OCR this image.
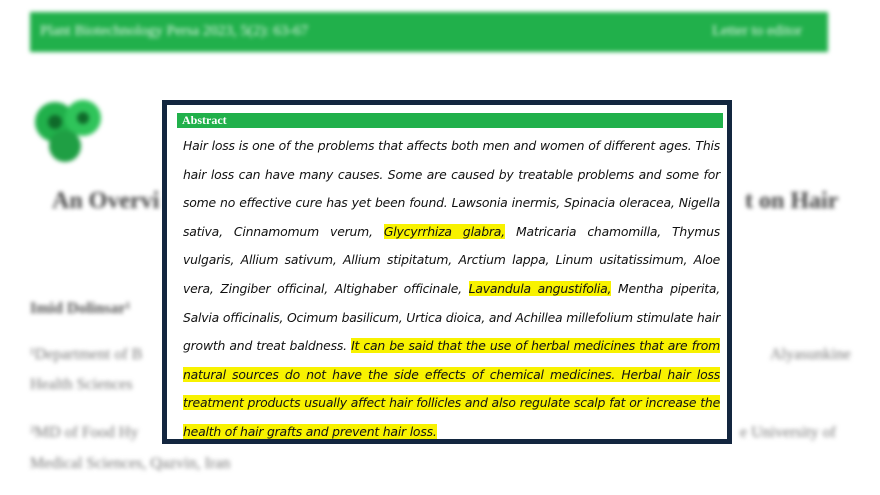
Plant Biotechnology Persa 2023, 5(2): 63-67	Letter to editor
An Overvi	t on Hair
Imid Dolinsar¹
¹Department of B	Alyasunkine
Health Sciences
²MD of Food Hy	e University of
Medical Sciences, Qazvin, Iran
Abstract
Hair loss is one of the problems that affects both men and women of different ages. This hair loss can have many causes. Some are caused by treatable problems and some for some no effective cure has yet been found. Lawsonia inermis, Spinacia oleracea, Nigella sativa, Cinnamomum verum, Glycyrrhiza glabra, Matricaria chamomilla, Thymus vulgaris, Allium sativum, Allium stipitatum, Arctium lappa, Linum usitatissimum, Aloe vera, Zingiber officinal, Altighaber officinale, Lavandula angustifolia, Mentha piperita, Salvia officinalis, Ocimum basilicum, Urtica dioica, and Achillea millefolium stimulate hair growth and treat baldness. It can be said that the use of herbal medicines that are from natural sources do not have the side effects of chemical medicines. Herbal hair loss treatment products usually affect hair follicles and also regulate scalp fat or increase the health of hair grafts and prevent hair loss.
